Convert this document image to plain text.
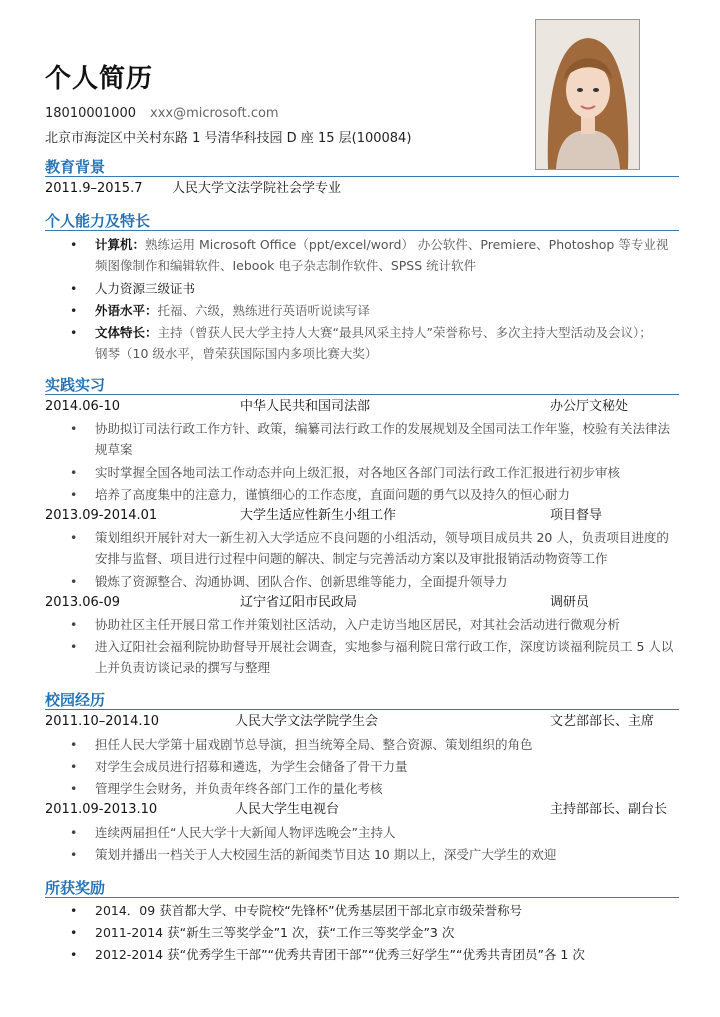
个人简历
18010001000 xxx@microsoft.com
北京市海淀区中关村东路 1 号清华科技园 D 座 15 层(100084)
教育背景
2011.9–2015.7 人民大学文法学院社会学专业
个人能力及特长
• 计算机：熟练运用 Microsoft Office（ppt/excel/word） 办公软件、Premiere、Photoshop 等专业视
频图像制作和编辑软件、Iebook 电子杂志制作软件、SPSS 统计软件
• 人力资源三级证书
• 外语水平：托福、六级，熟练进行英语听说读写译
• 文体特长：主持（曾获人民大学主持人大赛“最具风采主持人”荣誉称号、多次主持大型活动及会议）；
钢琴（10 级水平，曾荣获国际国内多项比赛大奖）
实践实习
2014.06-10	中华人民共和国司法部	办公厅文秘处
• 协助拟订司法行政工作方针、政策，编纂司法行政工作的发展规划及全国司法工作年鉴，校验有关法律法
规草案
• 实时掌握全国各地司法工作动态并向上级汇报，对各地区各部门司法行政工作汇报进行初步审核
• 培养了高度集中的注意力，谨慎细心的工作态度，直面问题的勇气以及持久的恒心耐力
2013.09-2014.01	大学生适应性新生小组工作	项目督导
• 策划组织开展针对大一新生初入大学适应不良问题的小组活动，领导项目成员共 20 人，负责项目进度的
安排与监督、项目进行过程中问题的解决、制定与完善活动方案以及审批报销活动物资等工作
• 锻炼了资源整合、沟通协调、团队合作、创新思维等能力，全面提升领导力
2013.06-09	辽宁省辽阳市民政局	调研员
• 协助社区主任开展日常工作并策划社区活动，入户走访当地区居民，对其社会活动进行微观分析
• 进入辽阳社会福利院协助督导开展社会调查，实地参与福利院日常行政工作，深度访谈福利院员工 5 人以
上并负责访谈记录的撰写与整理
校园经历
2011.10–2014.10	人民大学文法学院学生会	文艺部部长、主席
• 担任人民大学第十届戏剧节总导演，担当统筹全局、整合资源、策划组织的角色
• 对学生会成员进行招募和遴选，为学生会储备了骨干力量
• 管理学生会财务，并负责年终各部门工作的量化考核
2011.09-2013.10	人民大学生电视台	主持部部长、副台长
• 连续两届担任“人民大学十大新闻人物评选晚会”主持人
• 策划并播出一档关于人大校园生活的新闻类节目达 10 期以上，深受广大学生的欢迎
所获奖励
• 2014．09 获首都大学、中专院校“先锋杯”优秀基层团干部北京市级荣誉称号
• 2011-2014 获“新生三等奖学金”1 次，获“工作三等奖学金”3 次
• 2012-2014 获“优秀学生干部”“优秀共青团干部”“优秀三好学生”“优秀共青团员”各 1 次
